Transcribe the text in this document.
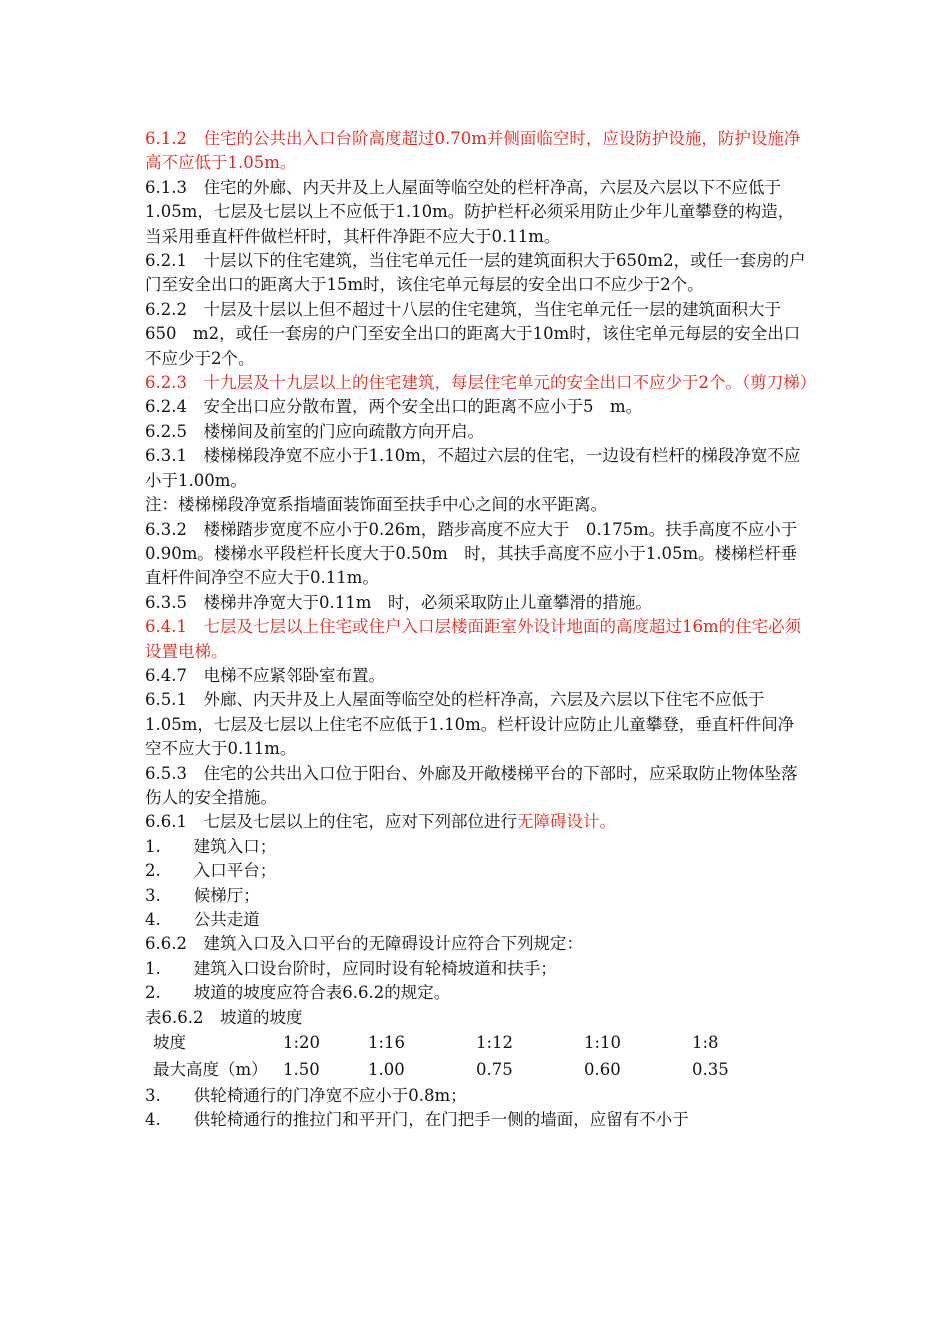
6.1.2　住宅的公共出入口台阶高度超过0.70m并侧面临空时，应设防护设施，防护设施净高不应低于1.05m。

6.1.3　住宅的外廊、内天井及上人屋面等临空处的栏杆净高，六层及六层以下不应低于1.05m，七层及七层以上不应低于1.10m。防护栏杆必须采用防止少年儿童攀登的构造，当采用垂直杆件做栏杆时，其杆件净距不应大于0.11m。

6.2.1　十层以下的住宅建筑，当住宅单元任一层的建筑面积大于650m2，或任一套房的户门至安全出口的距离大于15m时，该住宅单元每层的安全出口不应少于2个。

6.2.2　十层及十层以上但不超过十八层的住宅建筑，当住宅单元任一层的建筑面积大于650　m2，或任一套房的户门至安全出口的距离大于10m时，该住宅单元每层的安全出口不应少于2个。

6.2.3　十九层及十九层以上的住宅建筑，每层住宅单元的安全出口不应少于2个。（剪刀梯）

6.2.4　安全出口应分散布置，两个安全出口的距离不应小于5　m。

6.2.5　楼梯间及前室的门应向疏散方向开启。

6.3.1　楼梯梯段净宽不应小于1.10m，不超过六层的住宅，一边设有栏杆的梯段净宽不应小于1.00m。

注：楼梯梯段净宽系指墙面装饰面至扶手中心之间的水平距离。

6.3.2　楼梯踏步宽度不应小于0.26m，踏步高度不应大于　0.175m。扶手高度不应小于0.90m。楼梯水平段栏杆长度大于0.50m　时，其扶手高度不应小于1.05m。楼梯栏杆垂直杆件间净空不应大于0.11m。

6.3.5　楼梯井净宽大于0.11m　时，必须采取防止儿童攀滑的措施。

6.4.1　七层及七层以上住宅或住户入口层楼面距室外设计地面的高度超过16m的住宅必须设置电梯。

6.4.7　电梯不应紧邻卧室布置。

6.5.1　外廊、内天井及上人屋面等临空处的栏杆净高，六层及六层以下住宅不应低于1.05m，七层及七层以上住宅不应低于1.10m。栏杆设计应防止儿童攀登，垂直杆件间净空不应大于0.11m。

6.5.3　住宅的公共出入口位于阳台、外廊及开敞楼梯平台的下部时，应采取防止物体坠落伤人的安全措施。

6.6.1　七层及七层以上的住宅，应对下列部位进行无障碍设计。

1.　　建筑入口；

2.　　入口平台；

3.　　候梯厅；

4.　　公共走道

6.6.2　建筑入口及入口平台的无障碍设计应符合下列规定：

1.　　建筑入口设台阶时，应同时设有轮椅坡道和扶手；

2.　　坡道的坡度应符合表6.6.2的规定。

表6.6.2　坡道的坡度

坡度	1:20	1:16	1:12	1:10	1:8
最大高度（m）	1.50	1.00	0.75	0.60	0.35

3.　　供轮椅通行的门净宽不应小于0.8m；

4.　　供轮椅通行的推拉门和平开门，在门把手一侧的墙面，应留有不小于
